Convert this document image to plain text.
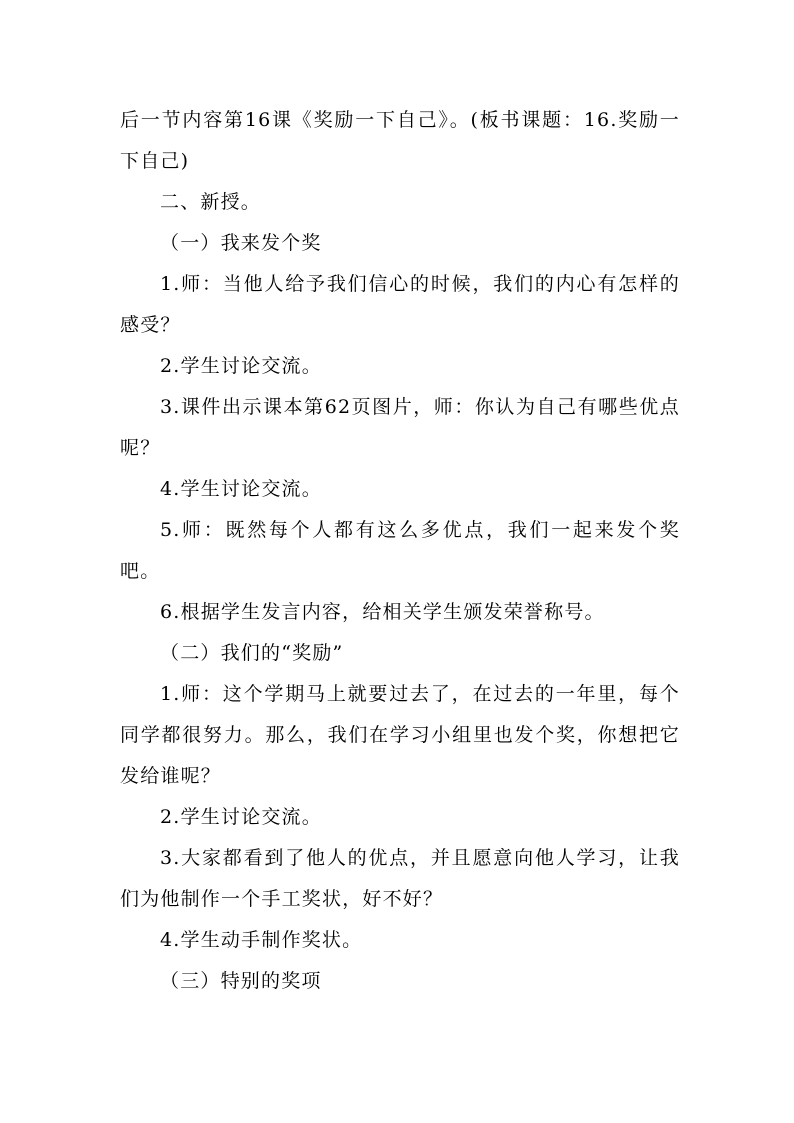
后一节内容第16课《奖励一下自己》。(板书课题：16.奖励一下自己)

二、新授。

（一）我来发个奖

1.师：当他人给予我们信心的时候，我们的内心有怎样的感受？

2.学生讨论交流。

3.课件出示课本第62页图片，师：你认为自己有哪些优点呢？

4.学生讨论交流。

5.师：既然每个人都有这么多优点，我们一起来发个奖吧。

6.根据学生发言内容，给相关学生颁发荣誉称号。

（二）我们的“奖励”

1.师：这个学期马上就要过去了，在过去的一年里，每个同学都很努力。那么，我们在学习小组里也发个奖，你想把它发给谁呢？

2.学生讨论交流。

3.大家都看到了他人的优点，并且愿意向他人学习，让我们为他制作一个手工奖状，好不好？

4.学生动手制作奖状。

（三）特别的奖项
